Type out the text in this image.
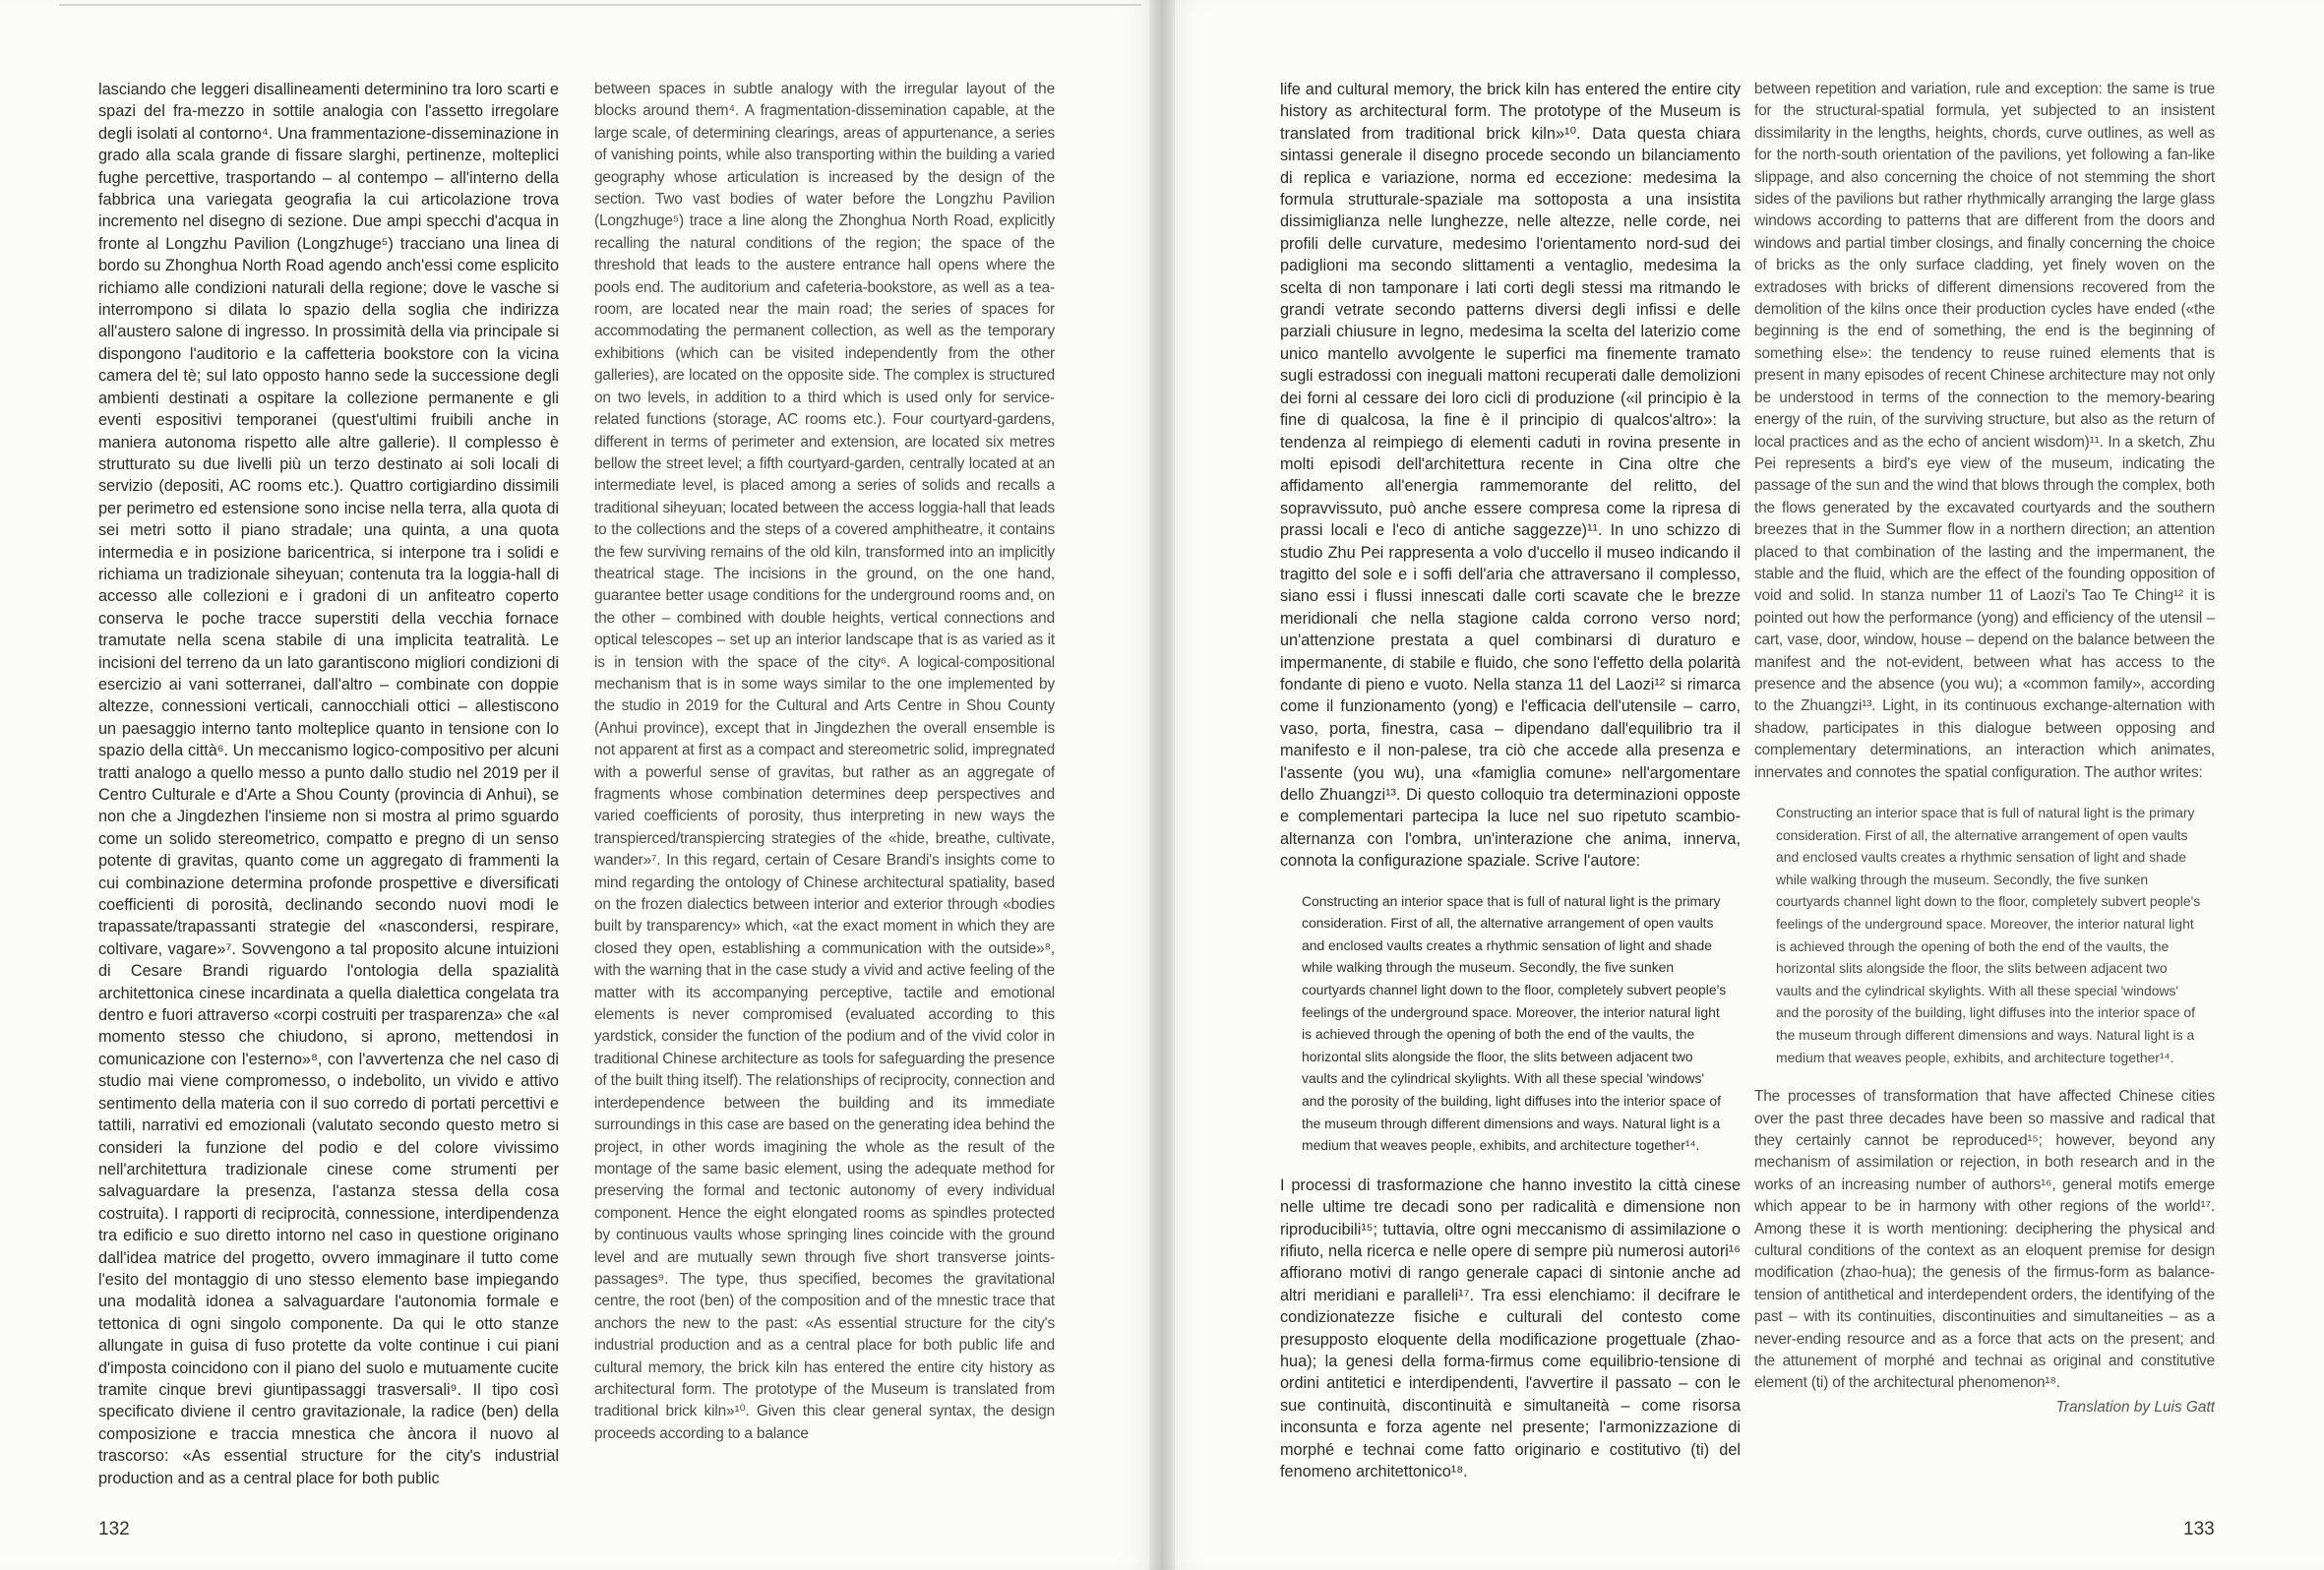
lasciando che leggeri disallineamenti determinino tra loro scarti e spazi del fra-mezzo in sottile analogia con l'assetto irregolare degli isolati al contorno⁴. Una frammentazione-disseminazione in grado alla scala grande di fissare slarghi, pertinenze, molteplici fughe percettive, trasportando – al contempo – all'interno della fabbrica una variegata geografia la cui articolazione trova incremento nel disegno di sezione. Due ampi specchi d'acqua in fronte al Longzhu Pavilion (Longzhuge⁵) tracciano una linea di bordo su Zhonghua North Road agendo anch'essi come esplicito richiamo alle condizioni naturali della regione; dove le vasche si interrompono si dilata lo spazio della soglia che indirizza all'austero salone di ingresso. In prossimità della via principale si dispongono l'auditorio e la caffetteria bookstore con la vicina camera del tè; sul lato opposto hanno sede la successione degli ambienti destinati a ospitare la collezione permanente e gli eventi espositivi temporanei (quest'ultimi fruibili anche in maniera autonoma rispetto alle altre gallerie). Il complesso è strutturato su due livelli più un terzo destinato ai soli locali di servizio (depositi, AC rooms etc.). Quattro cortigiardino dissimili per perimetro ed estensione sono incise nella terra, alla quota di sei metri sotto il piano stradale; una quinta, a una quota intermedia e in posizione baricentrica, si interpone tra i solidi e richiama un tradizionale siheyuan; contenuta tra la loggia-hall di accesso alle collezioni e i gradoni di un anfiteatro coperto conserva le poche tracce superstiti della vecchia fornace tramutate nella scena stabile di una implicita teatralità. Le incisioni del terreno da un lato garantiscono migliori condizioni di esercizio ai vani sotterranei, dall'altro – combinate con doppie altezze, connessioni verticali, cannocchiali ottici – allestiscono un paesaggio interno tanto molteplice quanto in tensione con lo spazio della città⁶. Un meccanismo logico-compositivo per alcuni tratti analogo a quello messo a punto dallo studio nel 2019 per il Centro Culturale e d'Arte a Shou County (provincia di Anhui), se non che a Jingdezhen l'insieme non si mostra al primo sguardo come un solido stereometrico, compatto e pregno di un senso potente di gravitas, quanto come un aggregato di frammenti la cui combinazione determina profonde prospettive e diversificati coefficienti di porosità, declinando secondo nuovi modi le trapassate/trapassanti strategie del «nascondersi, respirare, coltivare, vagare»⁷. Sovvengono a tal proposito alcune intuizioni di Cesare Brandi riguardo l'ontologia della spazialità architettonica cinese incardinata a quella dialettica congelata tra dentro e fuori attraverso «corpi costruiti per trasparenza» che «al momento stesso che chiudono, si aprono, mettendosi in comunicazione con l'esterno»⁸, con l'avvertenza che nel caso di studio mai viene compromesso, o indebolito, un vivido e attivo sentimento della materia con il suo corredo di portati percettivi e tattili, narrativi ed emozionali (valutato secondo questo metro si consideri la funzione del podio e del colore vivissimo nell'architettura tradizionale cinese come strumenti per salvaguardare la presenza, l'astanza stessa della cosa costruita). I rapporti di reciprocità, connessione, interdipendenza tra edificio e suo diretto intorno nel caso in questione originano dall'idea matrice del progetto, ovvero immaginare il tutto come l'esito del montaggio di uno stesso elemento base impiegando una modalità idonea a salvaguardare l'autonomia formale e tettonica di ogni singolo componente. Da qui le otto stanze allungate in guisa di fuso protette da volte continue i cui piani d'imposta coincidono con il piano del suolo e mutuamente cucite tramite cinque brevi giuntipassaggi trasversali⁹. Il tipo così specificato diviene il centro gravitazionale, la radice (ben) della composizione e traccia mnestica che àncora il nuovo al trascorso: «As essential structure for the city's industrial production and as a central place for both public

between spaces in subtle analogy with the irregular layout of the blocks around them⁴. A fragmentation-dissemination capable, at the large scale, of determining clearings, areas of appurtenance, a series of vanishing points, while also transporting within the building a varied geography whose articulation is increased by the design of the section. Two vast bodies of water before the Longzhu Pavilion (Longzhuge⁵) trace a line along the Zhonghua North Road, explicitly recalling the natural conditions of the region; the space of the threshold that leads to the austere entrance hall opens where the pools end. The auditorium and cafeteria-bookstore, as well as a tea-room, are located near the main road; the series of spaces for accommodating the permanent collection, as well as the temporary exhibitions (which can be visited independently from the other galleries), are located on the opposite side. The complex is structured on two levels, in addition to a third which is used only for service-related functions (storage, AC rooms etc.). Four courtyard-gardens, different in terms of perimeter and extension, are located six metres bellow the street level; a fifth courtyard-garden, centrally located at an intermediate level, is placed among a series of solids and recalls a traditional siheyuan; located between the access loggia-hall that leads to the collections and the steps of a covered amphitheatre, it contains the few surviving remains of the old kiln, transformed into an implicitly theatrical stage. The incisions in the ground, on the one hand, guarantee better usage conditions for the underground rooms and, on the other – combined with double heights, vertical connections and optical telescopes – set up an interior landscape that is as varied as it is in tension with the space of the city⁶. A logical-compositional mechanism that is in some ways similar to the one implemented by the studio in 2019 for the Cultural and Arts Centre in Shou County (Anhui province), except that in Jingdezhen the overall ensemble is not apparent at first as a compact and stereometric solid, impregnated with a powerful sense of gravitas, but rather as an aggregate of fragments whose combination determines deep perspectives and varied coefficients of porosity, thus interpreting in new ways the transpierced/transpiercing strategies of the «hide, breathe, cultivate, wander»⁷. In this regard, certain of Cesare Brandi's insights come to mind regarding the ontology of Chinese architectural spatiality, based on the frozen dialectics between interior and exterior through «bodies built by transparency» which, «at the exact moment in which they are closed they open, establishing a communication with the outside»⁸, with the warning that in the case study a vivid and active feeling of the matter with its accompanying perceptive, tactile and emotional elements is never compromised (evaluated according to this yardstick, consider the function of the podium and of the vivid color in traditional Chinese architecture as tools for safeguarding the presence of the built thing itself). The relationships of reciprocity, connection and interdependence between the building and its immediate surroundings in this case are based on the generating idea behind the project, in other words imagining the whole as the result of the montage of the same basic element, using the adequate method for preserving the formal and tectonic autonomy of every individual component. Hence the eight elongated rooms as spindles protected by continuous vaults whose springing lines coincide with the ground level and are mutually sewn through five short transverse joints-passages⁹. The type, thus specified, becomes the gravitational centre, the root (ben) of the composition and of the mnestic trace that anchors the new to the past: «As essential structure for the city's industrial production and as a central place for both public life and cultural memory, the brick kiln has entered the entire city history as architectural form. The prototype of the Museum is translated from traditional brick kiln»¹⁰. Given this clear general syntax, the design proceeds according to a balance

132

life and cultural memory, the brick kiln has entered the entire city history as architectural form. The prototype of the Museum is translated from traditional brick kiln»¹⁰. Data questa chiara sintassi generale il disegno procede secondo un bilanciamento di replica e variazione, norma ed eccezione: medesima la formula strutturale-spaziale ma sottoposta a una insistita dissimiglianza nelle lunghezze, nelle altezze, nelle corde, nei profili delle curvature, medesimo l'orientamento nord-sud dei padiglioni ma secondo slittamenti a ventaglio, medesima la scelta di non tamponare i lati corti degli stessi ma ritmando le grandi vetrate secondo patterns diversi degli infissi e delle parziali chiusure in legno, medesima la scelta del laterizio come unico mantello avvolgente le superfici ma finemente tramato sugli estradossi con ineguali mattoni recuperati dalle demolizioni dei forni al cessare dei loro cicli di produzione («il principio è la fine di qualcosa, la fine è il principio di qualcos'altro»: la tendenza al reimpiego di elementi caduti in rovina presente in molti episodi dell'architettura recente in Cina oltre che affidamento all'energia rammemorante del relitto, del sopravvissuto, può anche essere compresa come la ripresa di prassi locali e l'eco di antiche saggezze)¹¹. In uno schizzo di studio Zhu Pei rappresenta a volo d'uccello il museo indicando il tragitto del sole e i soffi dell'aria che attraversano il complesso, siano essi i flussi innescati dalle corti scavate che le brezze meridionali che nella stagione calda corrono verso nord; un'attenzione prestata a quel combinarsi di duraturo e impermanente, di stabile e fluido, che sono l'effetto della polarità fondante di pieno e vuoto. Nella stanza 11 del Laozi¹² si rimarca come il funzionamento (yong) e l'efficacia dell'utensile – carro, vaso, porta, finestra, casa – dipendano dall'equilibrio tra il manifesto e il non-palese, tra ciò che accede alla presenza e l'assente (you wu), una «famiglia comune» nell'argomentare dello Zhuangzi¹³. Di questo colloquio tra determinazioni opposte e complementari partecipa la luce nel suo ripetuto scambio-alternanza con l'ombra, un'interazione che anima, innerva, connota la configurazione spaziale. Scrive l'autore:

Constructing an interior space that is full of natural light is the primary consideration. First of all, the alternative arrangement of open vaults and enclosed vaults creates a rhythmic sensation of light and shade while walking through the museum. Secondly, the five sunken courtyards channel light down to the floor, completely subvert people's feelings of the underground space. Moreover, the interior natural light is achieved through the opening of both the end of the vaults, the horizontal slits alongside the floor, the slits between adjacent two vaults and the cylindrical skylights. With all these special 'windows' and the porosity of the building, light diffuses into the interior space of the museum through different dimensions and ways. Natural light is a medium that weaves people, exhibits, and architecture together¹⁴.

I processi di trasformazione che hanno investito la città cinese nelle ultime tre decadi sono per radicalità e dimensione non riproducibili¹⁵; tuttavia, oltre ogni meccanismo di assimilazione o rifiuto, nella ricerca e nelle opere di sempre più numerosi autori¹⁶ affiorano motivi di rango generale capaci di sintonie anche ad altri meridiani e paralleli¹⁷. Tra essi elenchiamo: il decifrare le condizionatezze fisiche e culturali del contesto come presupposto eloquente della modificazione progettuale (zhao-hua); la genesi della forma-firmus come equilibrio-tensione di ordini antitetici e interdipendenti, l'avvertire il passato – con le sue continuità, discontinuità e simultaneità – come risorsa inconsunta e forza agente nel presente; l'armonizzazione di morphé e technai come fatto originario e costitutivo (ti) del fenomeno architettonico¹⁸.

between repetition and variation, rule and exception: the same is true for the structural-spatial formula, yet subjected to an insistent dissimilarity in the lengths, heights, chords, curve outlines, as well as for the north-south orientation of the pavilions, yet following a fan-like slippage, and also concerning the choice of not stemming the short sides of the pavilions but rather rhythmically arranging the large glass windows according to patterns that are different from the doors and windows and partial timber closings, and finally concerning the choice of bricks as the only surface cladding, yet finely woven on the extradoses with bricks of different dimensions recovered from the demolition of the kilns once their production cycles have ended («the beginning is the end of something, the end is the beginning of something else»: the tendency to reuse ruined elements that is present in many episodes of recent Chinese architecture may not only be understood in terms of the connection to the memory-bearing energy of the ruin, of the surviving structure, but also as the return of local practices and as the echo of ancient wisdom)¹¹. In a sketch, Zhu Pei represents a bird's eye view of the museum, indicating the passage of the sun and the wind that blows through the complex, both the flows generated by the excavated courtyards and the southern breezes that in the Summer flow in a northern direction; an attention placed to that combination of the lasting and the impermanent, the stable and the fluid, which are the effect of the founding opposition of void and solid. In stanza number 11 of Laozi's Tao Te Ching¹² it is pointed out how the performance (yong) and efficiency of the utensil – cart, vase, door, window, house – depend on the balance between the manifest and the not-evident, between what has access to the presence and the absence (you wu); a «common family», according to the Zhuangzi¹³. Light, in its continuous exchange-alternation with shadow, participates in this dialogue between opposing and complementary determinations, an interaction which animates, innervates and connotes the spatial configuration. The author writes:

Constructing an interior space that is full of natural light is the primary consideration. First of all, the alternative arrangement of open vaults and enclosed vaults creates a rhythmic sensation of light and shade while walking through the museum. Secondly, the five sunken courtyards channel light down to the floor, completely subvert people's feelings of the underground space. Moreover, the interior natural light is achieved through the opening of both the end of the vaults, the horizontal slits alongside the floor, the slits between adjacent two vaults and the cylindrical skylights. With all these special 'windows' and the porosity of the building, light diffuses into the interior space of the museum through different dimensions and ways. Natural light is a medium that weaves people, exhibits, and architecture together¹⁴.

The processes of transformation that have affected Chinese cities over the past three decades have been so massive and radical that they certainly cannot be reproduced¹⁵; however, beyond any mechanism of assimilation or rejection, in both research and in the works of an increasing number of authors¹⁶, general motifs emerge which appear to be in harmony with other regions of the world¹⁷. Among these it is worth mentioning: deciphering the physical and cultural conditions of the context as an eloquent premise for design modification (zhao-hua); the genesis of the firmus-form as balance-tension of antithetical and interdependent orders, the identifying of the past – with its continuities, discontinuities and simultaneities – as a never-ending resource and as a force that acts on the present; and the attunement of morphé and technai as original and constitutive element (ti) of the architectural phenomenon¹⁸.

Translation by Luis Gatt
133
